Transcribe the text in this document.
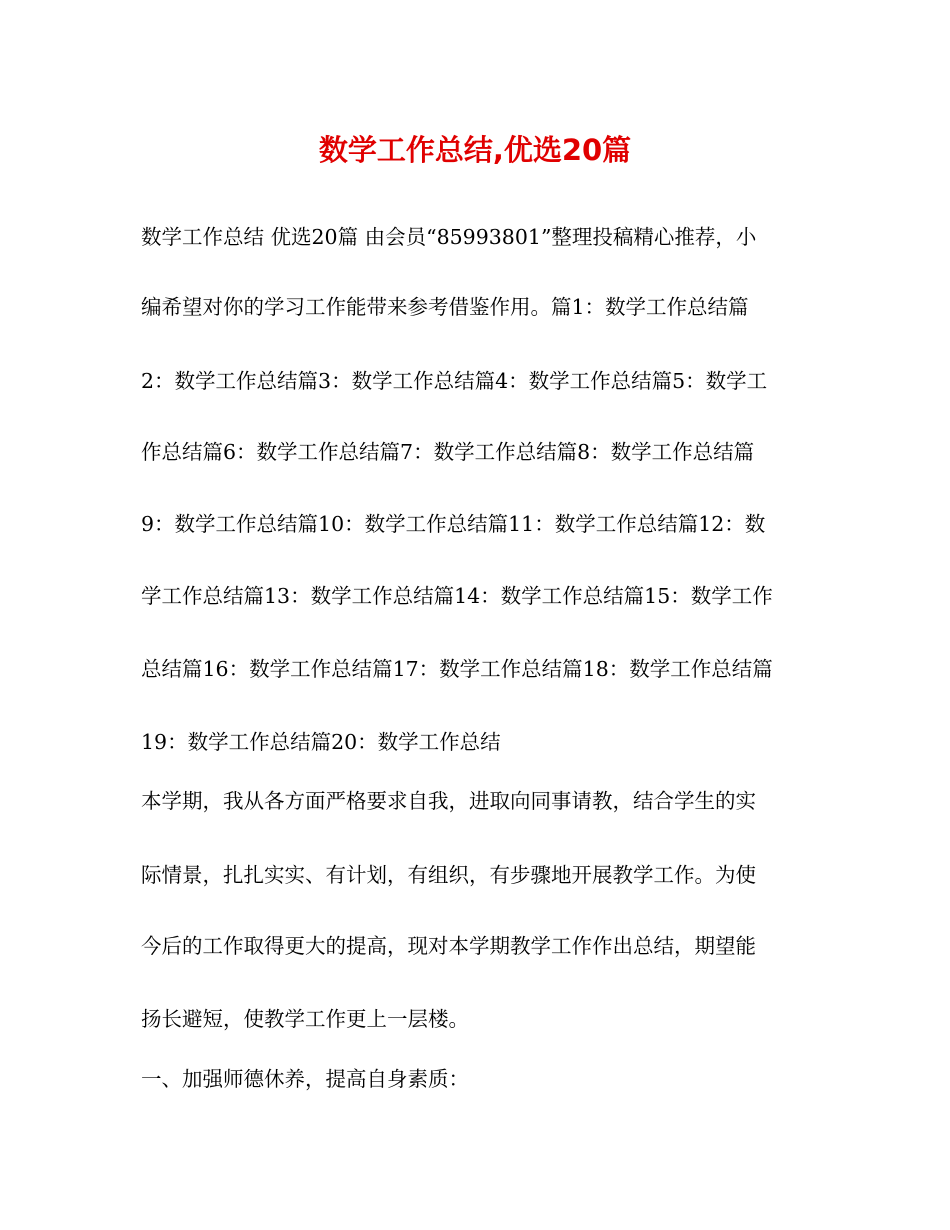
数学工作总结,优选20篇
数学工作总结 优选20篇 由会员“85993801”整理投稿精心推荐，小
编希望对你的学习工作能带来参考借鉴作用。篇1：数学工作总结篇
2：数学工作总结篇3：数学工作总结篇4：数学工作总结篇5：数学工
作总结篇6：数学工作总结篇7：数学工作总结篇8：数学工作总结篇
9：数学工作总结篇10：数学工作总结篇11：数学工作总结篇12：数
学工作总结篇13：数学工作总结篇14：数学工作总结篇15：数学工作
总结篇16：数学工作总结篇17：数学工作总结篇18：数学工作总结篇
19：数学工作总结篇20：数学工作总结
本学期，我从各方面严格要求自我，进取向同事请教，结合学生的实
际情景，扎扎实实、有计划，有组织，有步骤地开展教学工作。为使
今后的工作取得更大的提高，现对本学期教学工作作出总结，期望能
扬长避短，使教学工作更上一层楼。
一、加强师德休养，提高自身素质：
